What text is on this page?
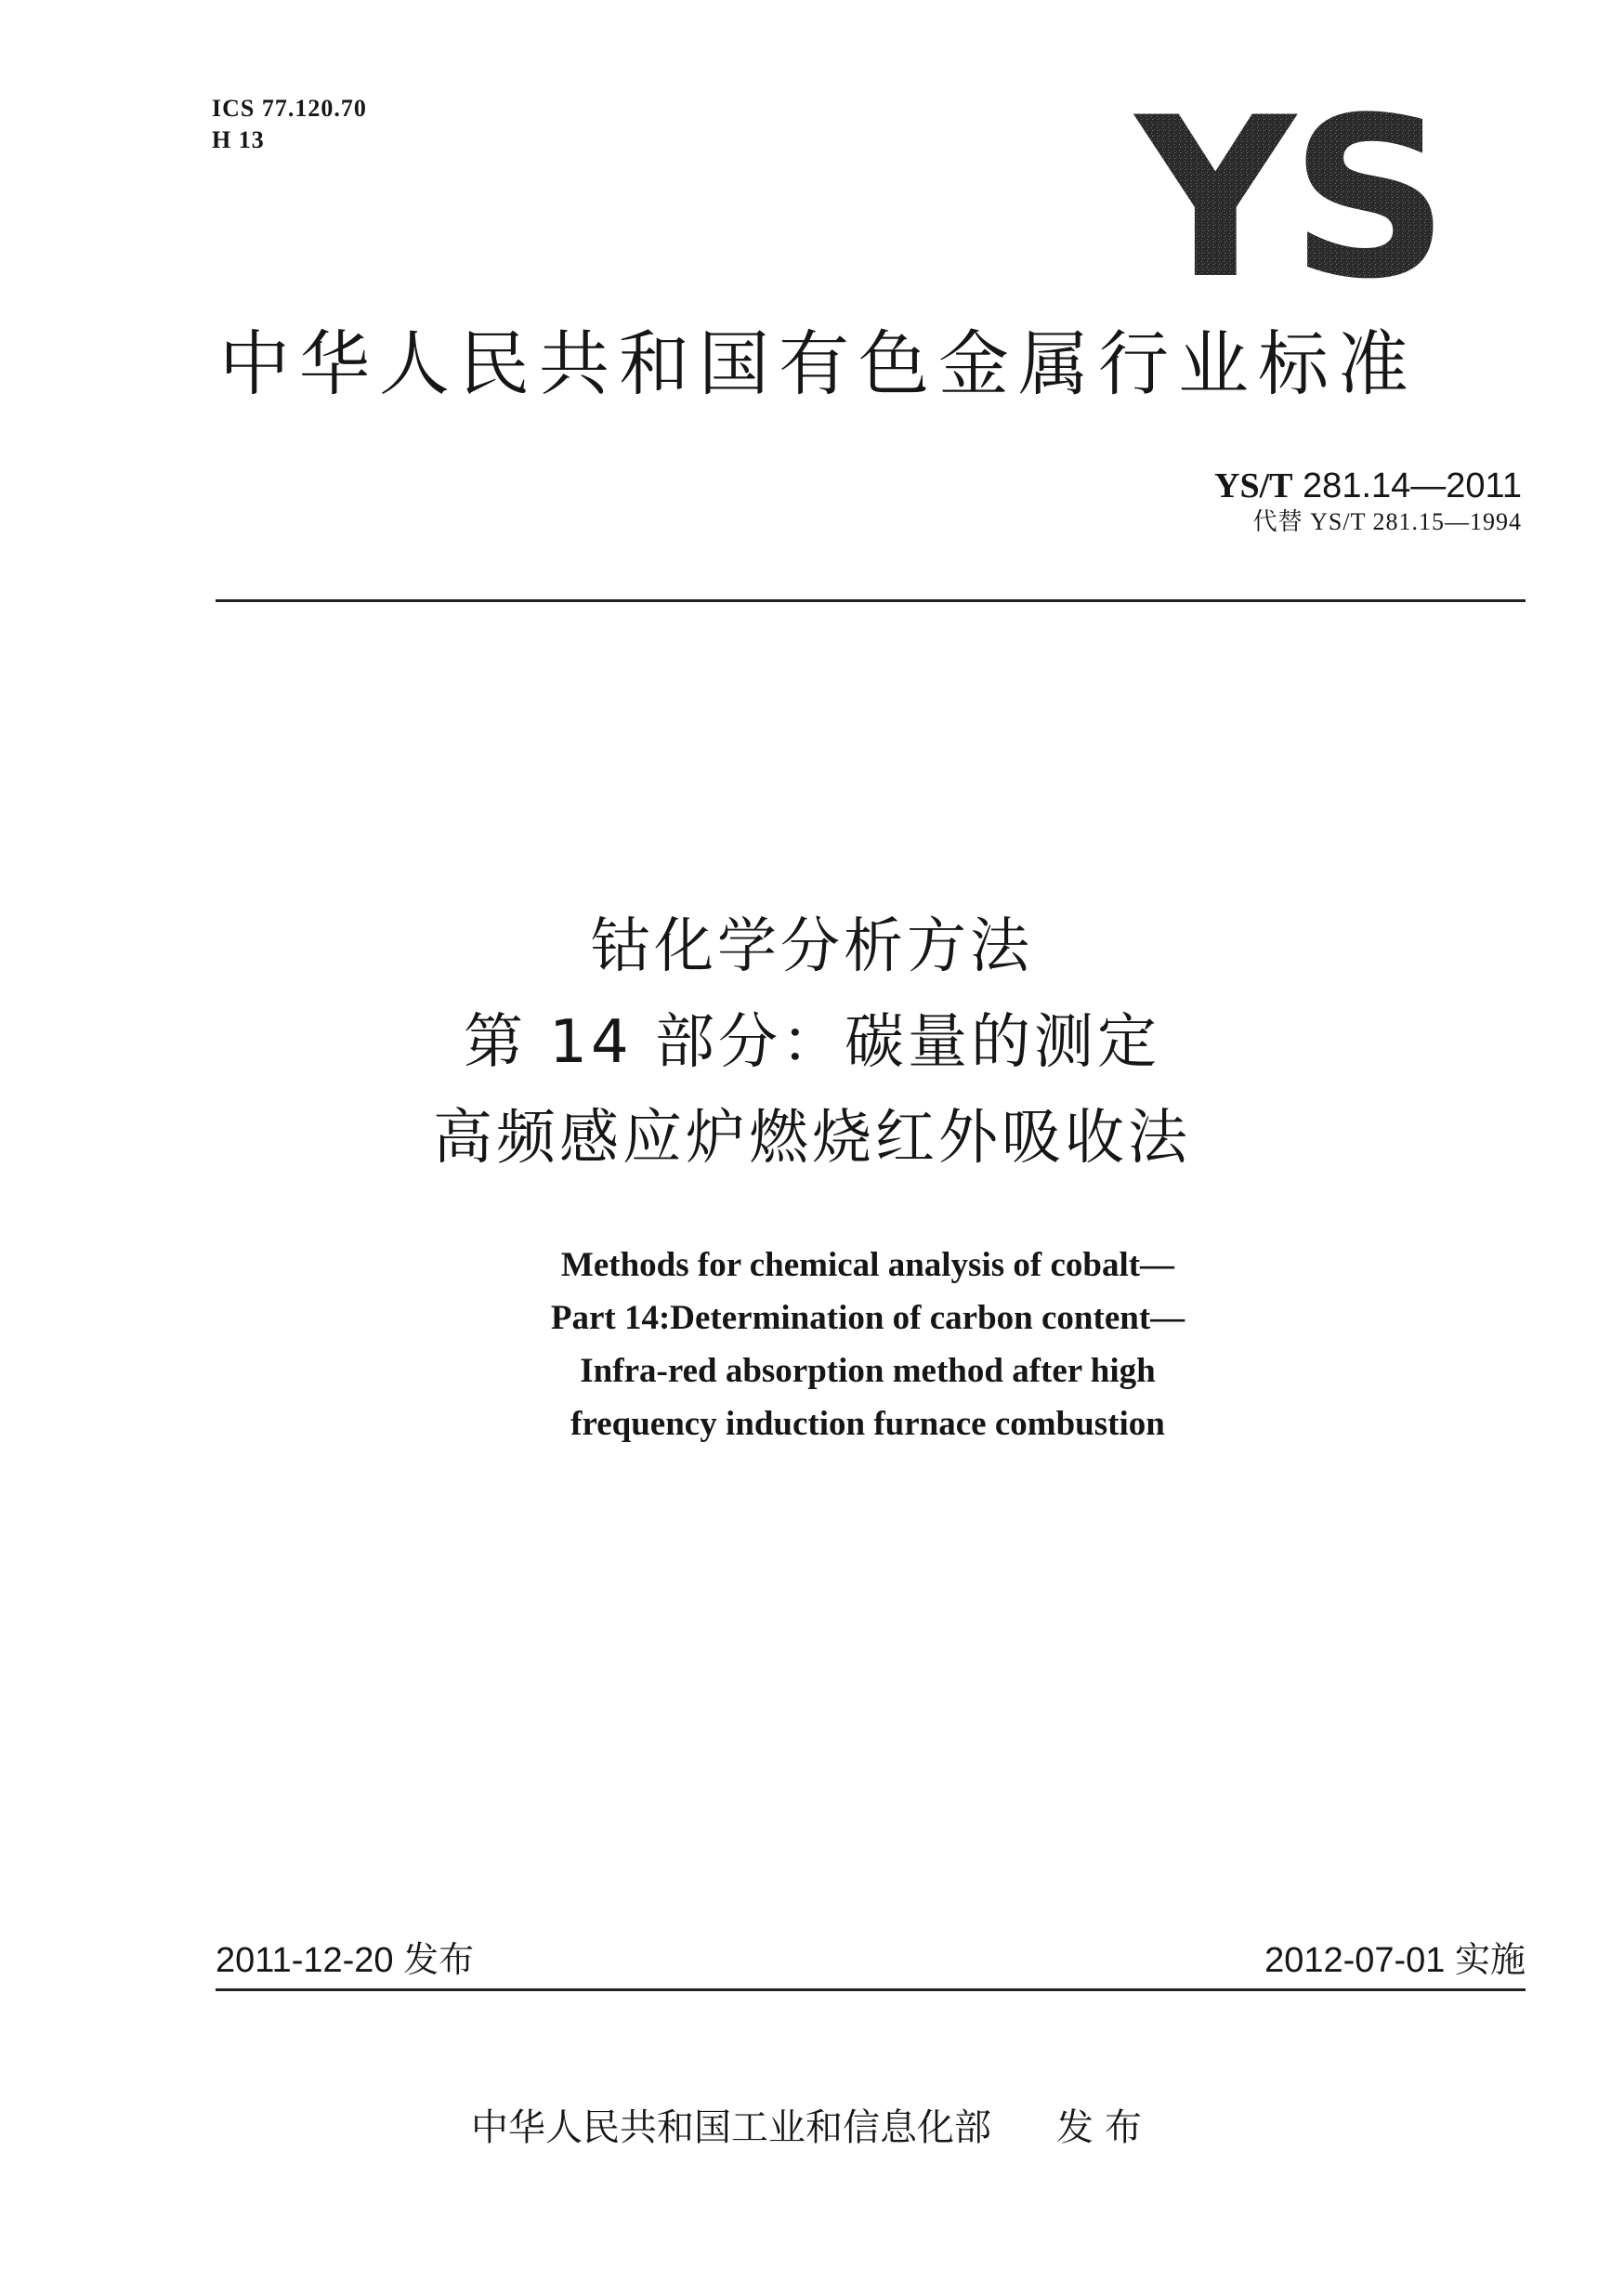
ICS 77.120.70
H 13	YS
中华人民共和国有色金属行业标准
YS/T 281.14—2011
代替 YS/T 281.15—1994
钴化学分析方法
第 14 部分：碳量的测定
高频感应炉燃烧红外吸收法
Methods for chemical analysis of cobalt—
Part 14:Determination of carbon content—
Infra-red absorption method after high
frequency induction furnace combustion
2011-12-20 发布	2012-07-01 实施
中华人民共和国工业和信息化部 发布
